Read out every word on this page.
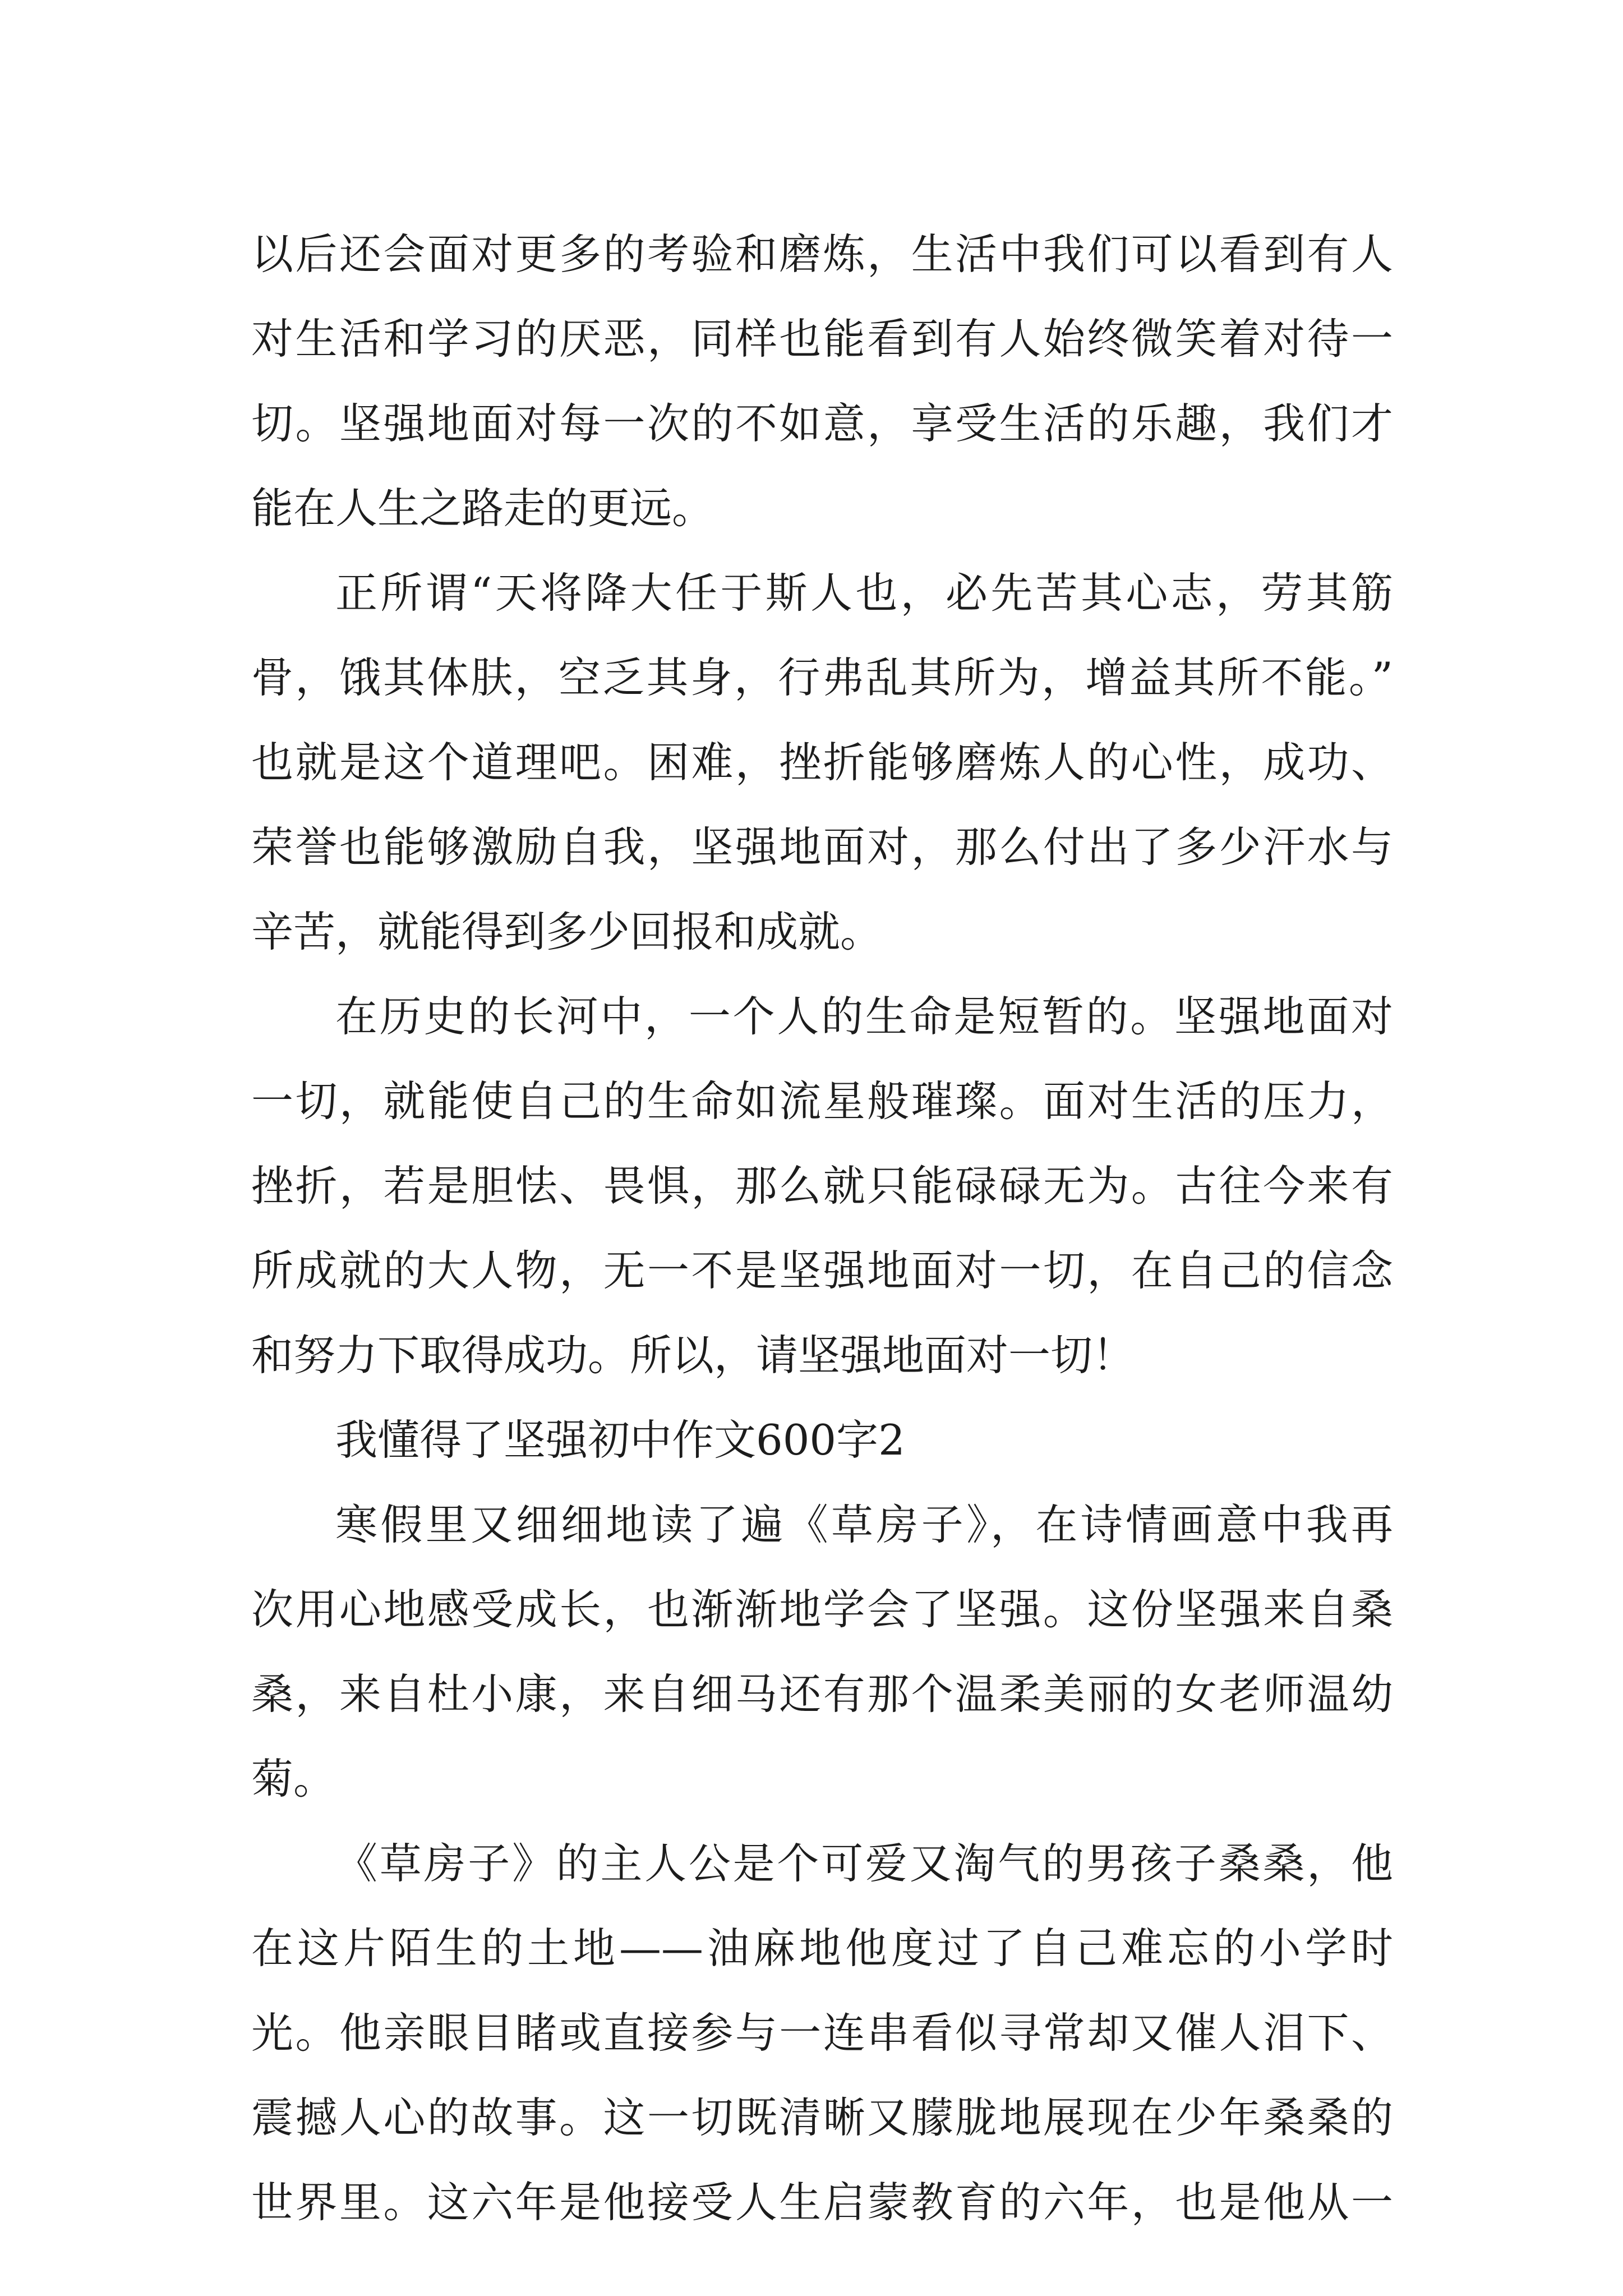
以后还会面对更多的考验和磨炼，生活中我们可以看到有人
对生活和学习的厌恶，同样也能看到有人始终微笑着对待一
切。坚强地面对每一次的不如意，享受生活的乐趣，我们才
能在人生之路走的更远。
正所谓“天将降大任于斯人也，必先苦其心志，劳其筋
骨，饿其体肤，空乏其身，行弗乱其所为，增益其所不能。”
也就是这个道理吧。困难，挫折能够磨炼人的心性，成功、
荣誉也能够激励自我，坚强地面对，那么付出了多少汗水与
辛苦，就能得到多少回报和成就。
在历史的长河中，一个人的生命是短暂的。坚强地面对
一切，就能使自己的生命如流星般璀璨。面对生活的压力，
挫折，若是胆怯、畏惧，那么就只能碌碌无为。古往今来有
所成就的大人物，无一不是坚强地面对一切，在自己的信念
和努力下取得成功。所以，请坚强地面对一切！
我懂得了坚强初中作文600字2
寒假里又细细地读了遍《草房子》，在诗情画意中我再
次用心地感受成长，也渐渐地学会了坚强。这份坚强来自桑
桑，来自杜小康，来自细马还有那个温柔美丽的女老师温幼
菊。
《草房子》的主人公是个可爱又淘气的男孩子桑桑，他
在这片陌生的土地——油麻地他度过了自己难忘的小学时
光。他亲眼目睹或直接参与一连串看似寻常却又催人泪下、
震撼人心的故事。这一切既清晰又朦胧地展现在少年桑桑的
世界里。这六年是他接受人生启蒙教育的六年，也是他从一
